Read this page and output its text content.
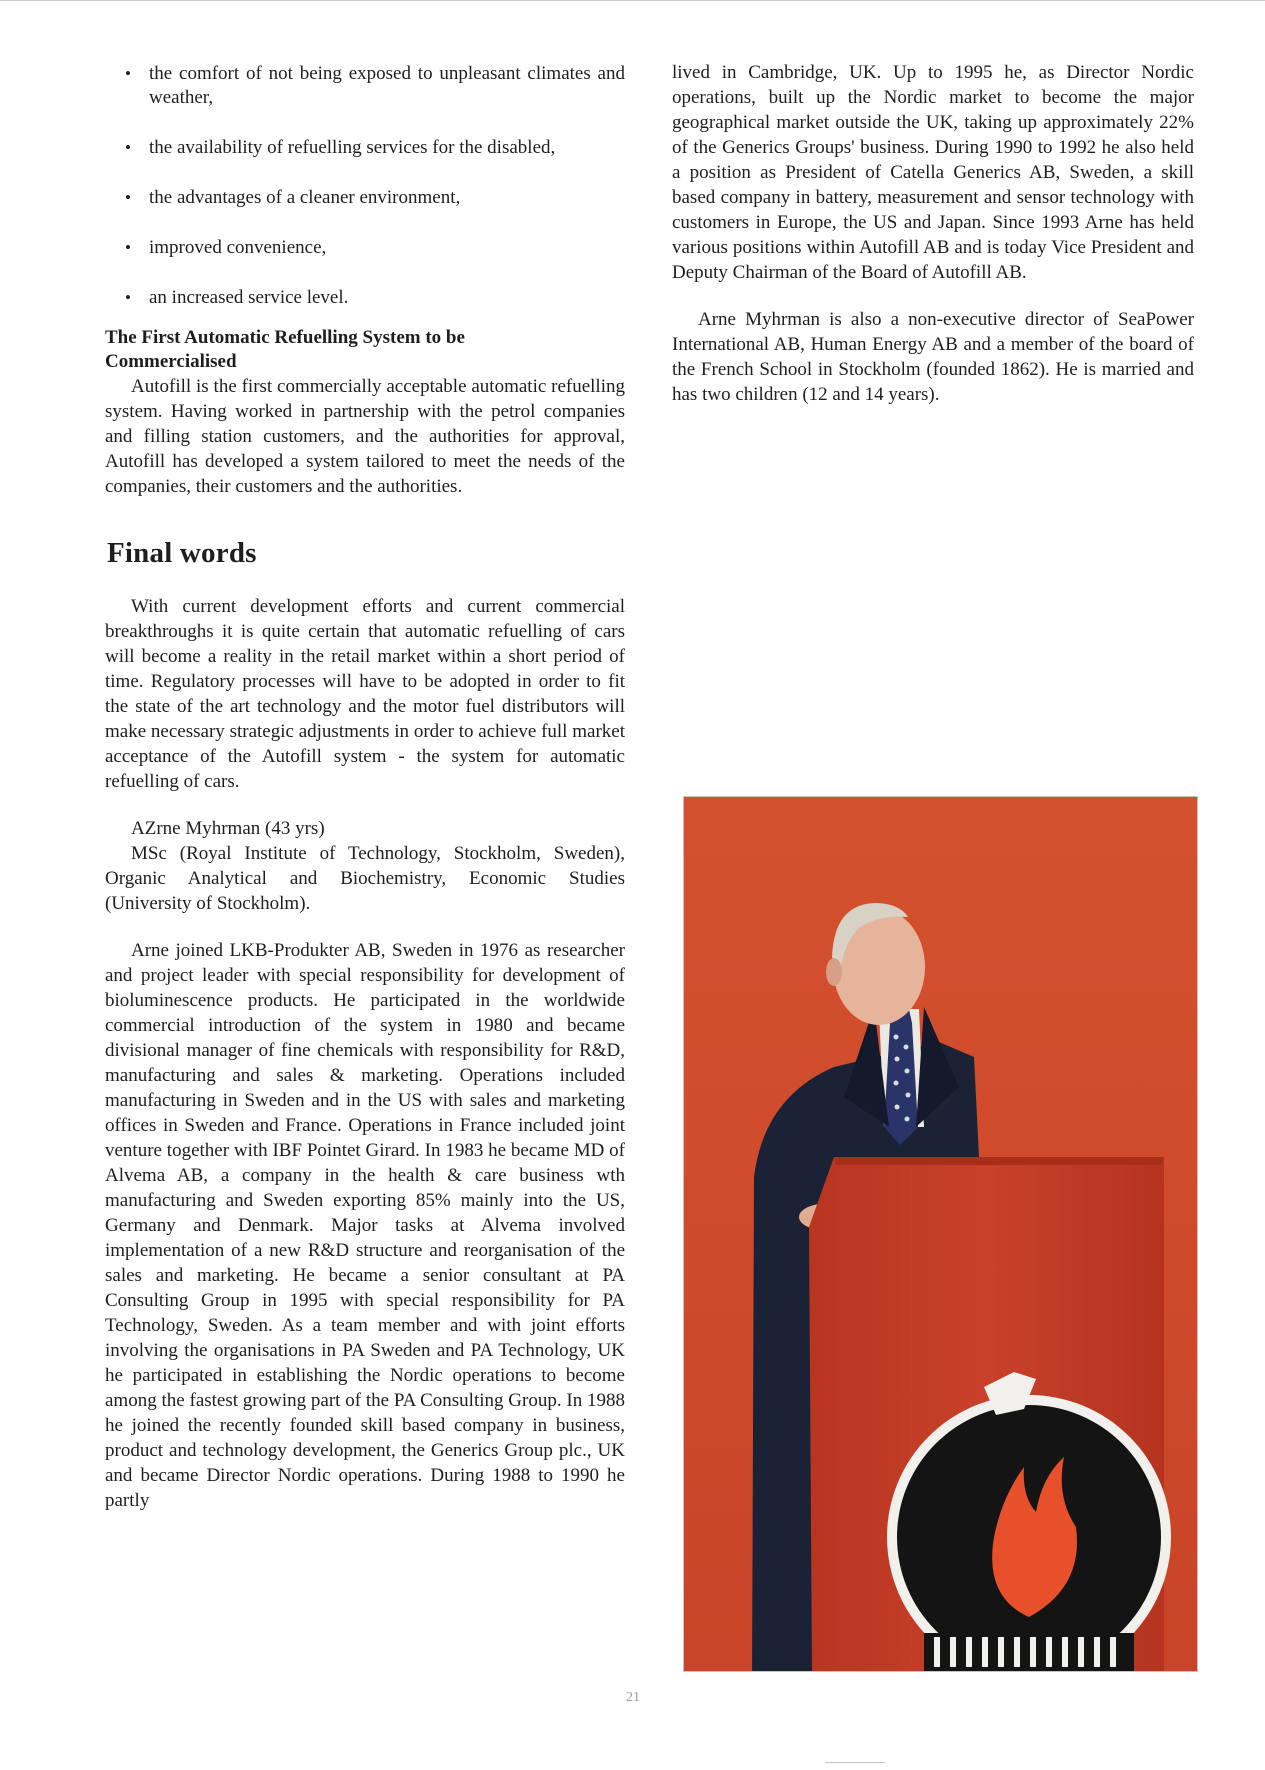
• the comfort of not being exposed to unpleasant climates and weather,
• the availability of refuelling services for the disabled,
• the advantages of a cleaner environment,
• improved convenience,
• an increased service level.
The First Automatic Refuelling System to be Commercialised

Autofill is the first commercially acceptable automatic refuelling system. Having worked in partnership with the petrol companies and filling station customers, and the authorities for approval, Autofill has developed a system tailored to meet the needs of the companies, their customers and the authorities.

Final words

With current development efforts and current commercial breakthroughs it is quite certain that automatic refuelling of cars will become a reality in the retail market within a short period of time. Regulatory processes will have to be adopted in order to fit the state of the art technology and the motor fuel distributors will make necessary strategic adjustments in order to achieve full market acceptance of the Autofill system - the system for automatic refuelling of cars.

AZrne Myhrman (43 yrs)

MSc (Royal Institute of Technology, Stockholm, Sweden), Organic Analytical and Biochemistry, Economic Studies (University of Stockholm).

Arne joined LKB-Produkter AB, Sweden in 1976 as researcher and project leader with special responsibility for development of bioluminescence products. He participated in the worldwide commercial introduction of the system in 1980 and became divisional manager of fine chemicals with responsibility for R&D, manufacturing and sales & marketing. Operations included manufacturing in Sweden and in the US with sales and marketing offices in Sweden and France. Operations in France included joint venture together with IBF Pointet Girard. In 1983 he became MD of Alvema AB, a company in the health & care business wth manufacturing and Sweden exporting 85% mainly into the US, Germany and Denmark. Major tasks at Alvema involved implementation of a new R&D structure and reorganisation of the sales and marketing. He became a senior consultant at PA Consulting Group in 1995 with special responsibility for PA Technology, Sweden. As a team member and with joint efforts involving the organisations in PA Sweden and PA Technology, UK he participated in establishing the Nordic operations to become among the fastest growing part of the PA Consulting Group. In 1988 he joined the recently founded skill based company in business, product and technology development, the Generics Group plc., UK and became Director Nordic operations. During 1988 to 1990 he partly

lived in Cambridge, UK. Up to 1995 he, as Director Nordic operations, built up the Nordic market to become the major geographical market outside the UK, taking up approximately 22% of the Generics Groups' business. During 1990 to 1992 he also held a position as President of Catella Generics AB, Sweden, a skill based company in battery, measurement and sensor technology with customers in Europe, the US and Japan. Since 1993 Arne has held various positions within Autofill AB and is today Vice President and Deputy Chairman of the Board of Autofill AB.

Arne Myhrman is also a non-executive director of SeaPower International AB, Human Energy AB and a member of the board of the French School in Stockholm (founded 1862). He is married and has two children (12 and 14 years).

21
